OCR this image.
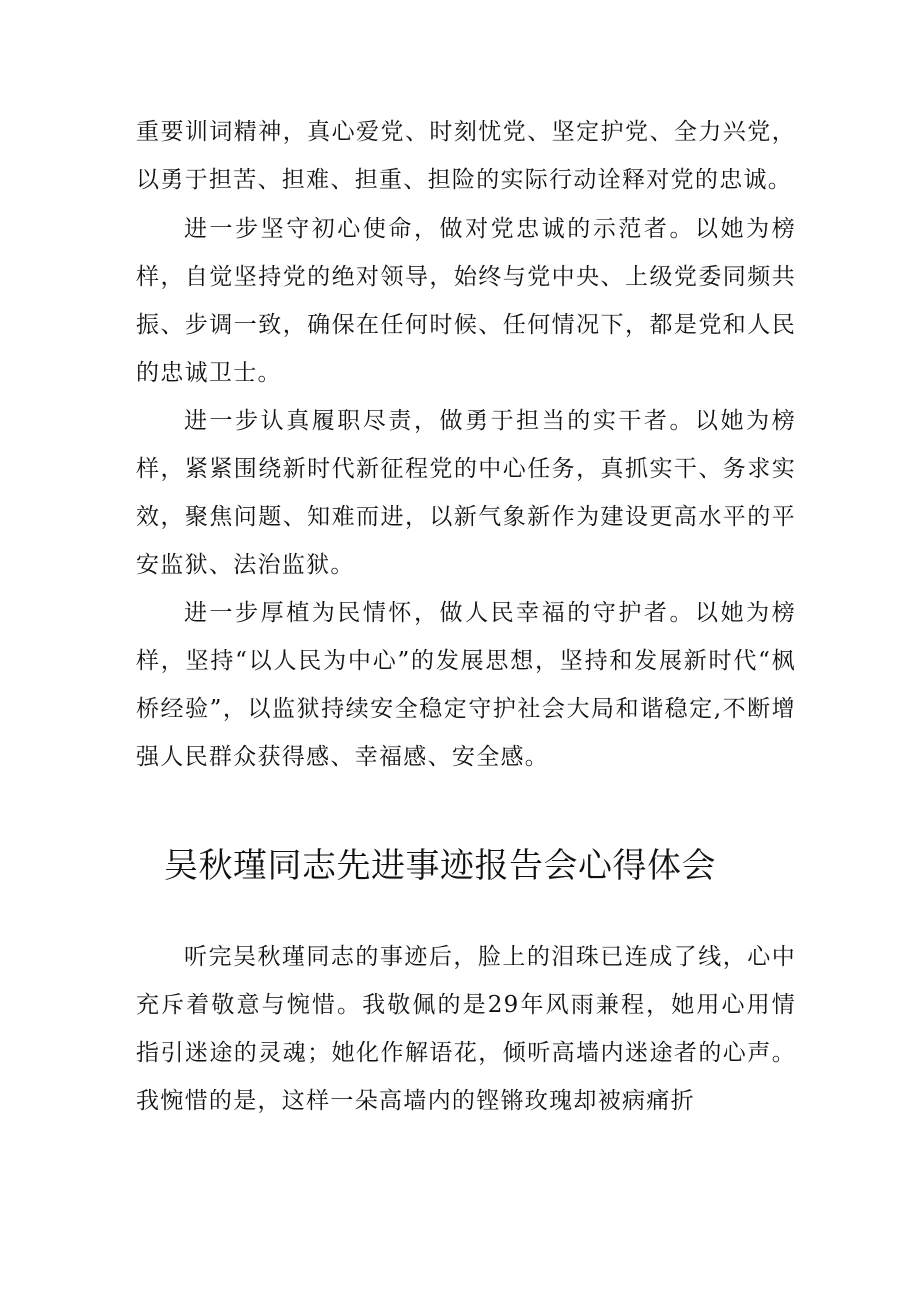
重要训词精神，真心爱党、时刻忧党、坚定护党、全力兴党，以勇于担苦、担难、担重、担险的实际行动诠释对党的忠诚。

进一步坚守初心使命，做对党忠诚的示范者。以她为榜样，自觉坚持党的绝对领导，始终与党中央、上级党委同频共振、步调一致，确保在任何时候、任何情况下，都是党和人民的忠诚卫士。

进一步认真履职尽责，做勇于担当的实干者。以她为榜样，紧紧围绕新时代新征程党的中心任务，真抓实干、务求实效，聚焦问题、知难而进，以新气象新作为建设更高水平的平安监狱、法治监狱。

进一步厚植为民情怀，做人民幸福的守护者。以她为榜样，坚持“以人民为中心”的发展思想，坚持和发展新时代“枫桥经验”，以监狱持续安全稳定守护社会大局和谐稳定,不断增强人民群众获得感、幸福感、安全感。

吴秋瑾同志先进事迹报告会心得体会

听完吴秋瑾同志的事迹后，脸上的泪珠已连成了线，心中充斥着敬意与惋惜。我敬佩的是29年风雨兼程，她用心用情指引迷途的灵魂；她化作解语花，倾听高墙内迷途者的心声。我惋惜的是，这样一朵高墙内的铿锵玫瑰却被病痛折
